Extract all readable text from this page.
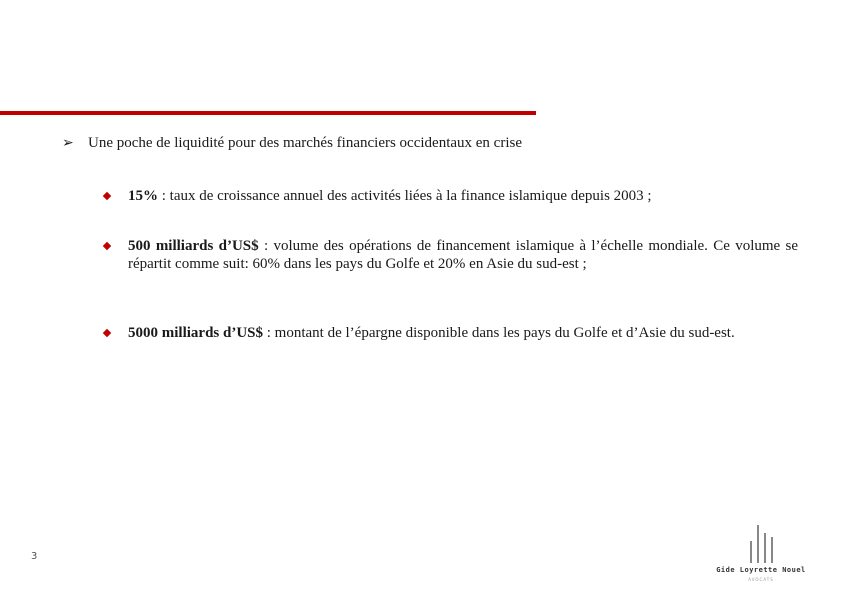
➢ Une poche de liquidité pour des marchés financiers occidentaux en crise
15% : taux de croissance annuel des activités liées à la finance islamique depuis 2003 ;
500 milliards d’US$ : volume des opérations de financement islamique à l’échelle mondiale. Ce volume se répartit comme suit: 60% dans les pays du Golfe et 20% en Asie du sud-est ;
5000 milliards d’US$ : montant de l’épargne disponible dans les pays du Golfe et d’Asie du sud-est.
3
Gide Loyrette Nouel
AVOCATS
